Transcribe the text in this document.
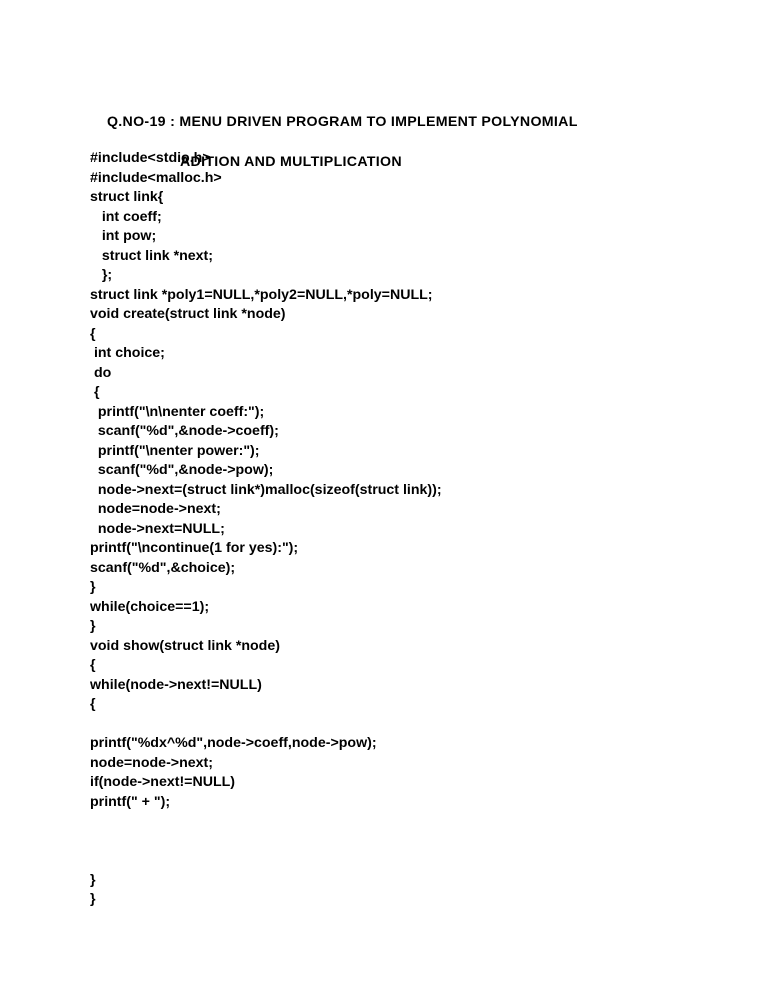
Q.NO-19 : MENU DRIVEN PROGRAM TO IMPLEMENT POLYNOMIAL

ADITION AND MULTIPLICATION

#include<stdio.h>
#include<malloc.h>
struct link{
int coeff;
int pow;
struct link *next;
};
struct link *poly1=NULL,*poly2=NULL,*poly=NULL;
void create(struct link *node)
{
int choice;
do
{
printf("\n\nenter coeff:");
scanf("%d",&node->coeff);
printf("\nenter power:");
scanf("%d",&node->pow);
node->next=(struct link*)malloc(sizeof(struct link));
node=node->next;
node->next=NULL;
printf("\ncontinue(1 for yes):");
scanf("%d",&choice);
}
while(choice==1);
}
void show(struct link *node)
{
while(node->next!=NULL)
{
printf("%dx^%d",node->coeff,node->pow);
node=node->next;
if(node->next!=NULL)
printf(" + ");
}
}
